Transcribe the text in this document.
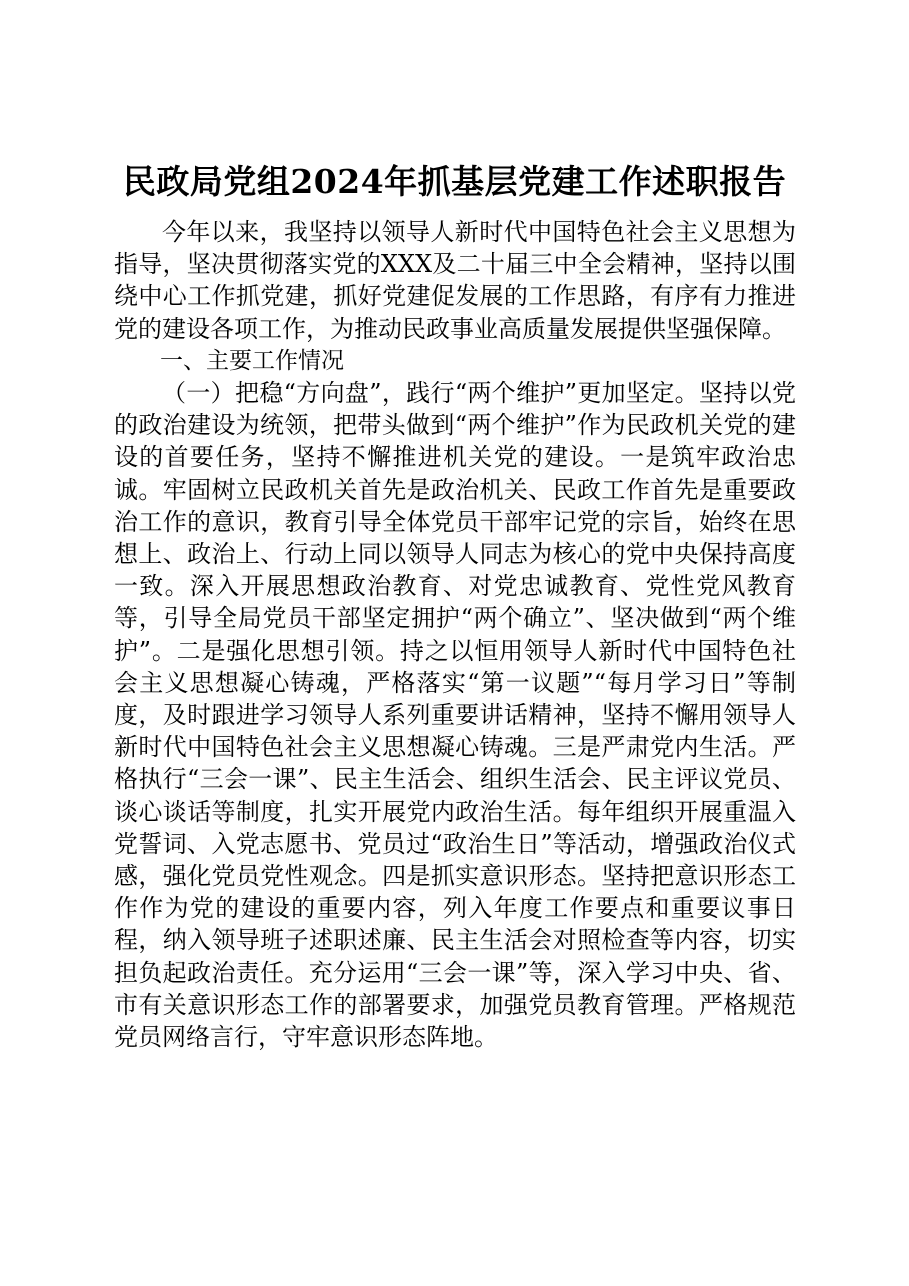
民政局党组2024年抓基层党建工作述职报告

今年以来，我坚持以领导人新时代中国特色社会主义思想为指导，坚决贯彻落实党的XXX及二十届三中全会精神，坚持以围绕中心工作抓党建，抓好党建促发展的工作思路，有序有力推进党的建设各项工作，为推动民政事业高质量发展提供坚强保障。

一、主要工作情况

（一）把稳“方向盘”，践行“两个维护”更加坚定。坚持以党的政治建设为统领，把带头做到“两个维护”作为民政机关党的建设的首要任务，坚持不懈推进机关党的建设。一是筑牢政治忠诚。牢固树立民政机关首先是政治机关、民政工作首先是重要政治工作的意识，教育引导全体党员干部牢记党的宗旨，始终在思想上、政治上、行动上同以领导人同志为核心的党中央保持高度一致。深入开展思想政治教育、对党忠诚教育、党性党风教育等，引导全局党员干部坚定拥护“两个确立”、坚决做到“两个维护”。二是强化思想引领。持之以恒用领导人新时代中国特色社会主义思想凝心铸魂，严格落实“第一议题”“每月学习日”等制度，及时跟进学习领导人系列重要讲话精神，坚持不懈用领导人新时代中国特色社会主义思想凝心铸魂。三是严肃党内生活。严格执行“三会一课”、民主生活会、组织生活会、民主评议党员、谈心谈话等制度，扎实开展党内政治生活。每年组织开展重温入党誓词、入党志愿书、党员过“政治生日”等活动，增强政治仪式感，强化党员党性观念。四是抓实意识形态。坚持把意识形态工作作为党的建设的重要内容，列入年度工作要点和重要议事日程，纳入领导班子述职述廉、民主生活会对照检查等内容，切实担负起政治责任。充分运用“三会一课”等，深入学习中央、省、市有关意识形态工作的部署要求，加强党员教育管理。严格规范党员网络言行，守牢意识形态阵地。
